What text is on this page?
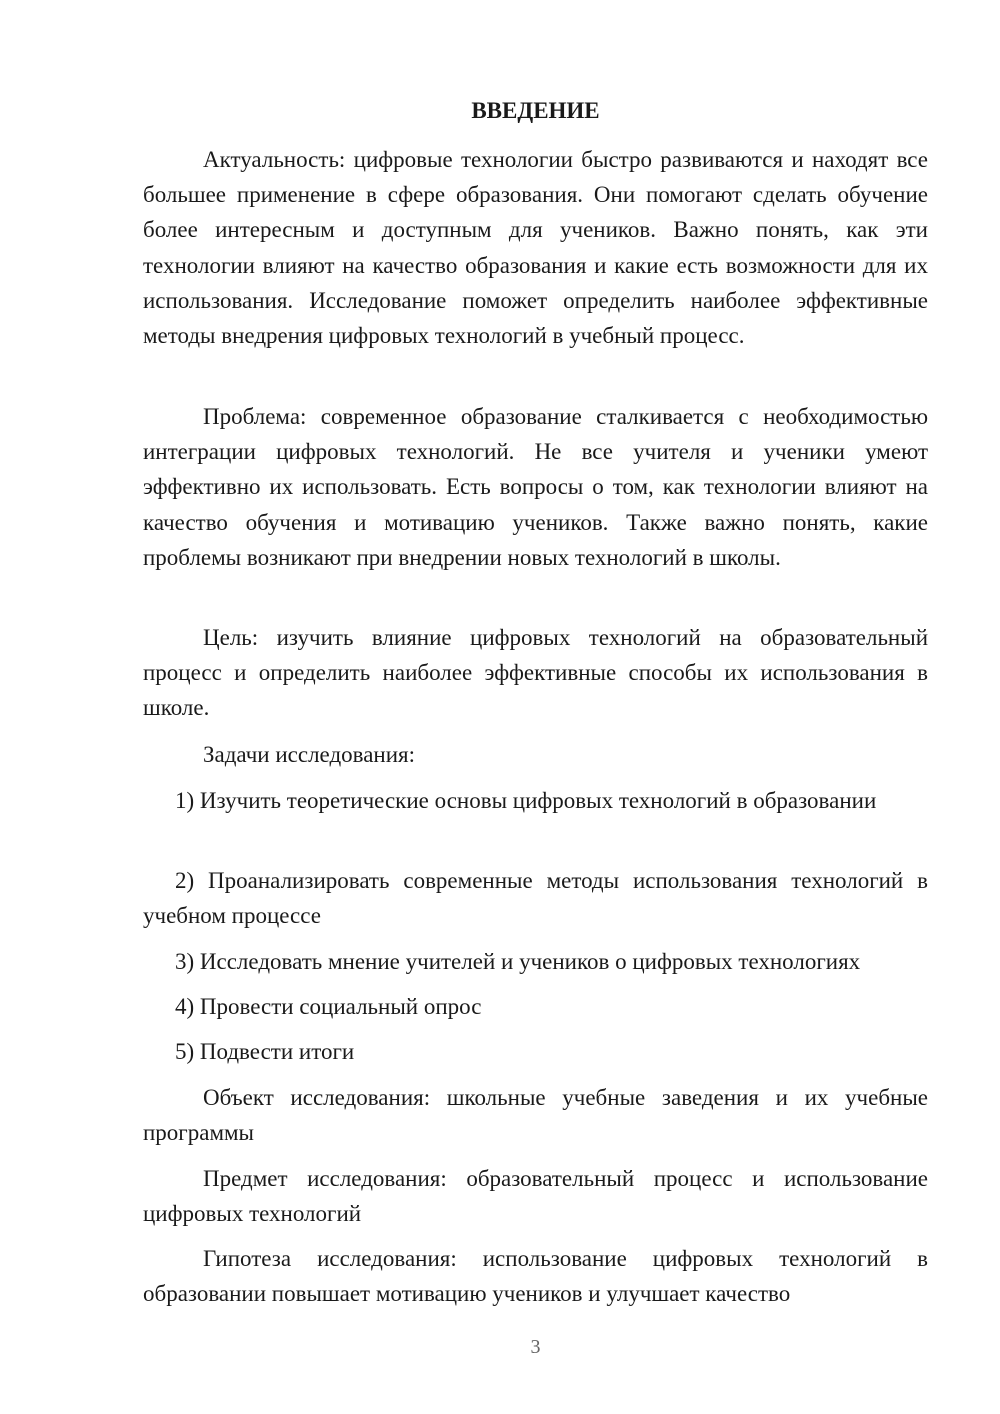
ВВЕДЕНИЕ

Актуальность: цифровые технологии быстро развиваются и находят все большее применение в сфере образования. Они помогают сделать обучение более интересным и доступным для учеников. Важно понять, как эти технологии влияют на качество образования и какие есть возможности для их использования. Исследование поможет определить наиболее эффективные методы внедрения цифровых технологий в учебный процесс.

Проблема: современное образование сталкивается с необходимостью интеграции цифровых технологий. Не все учителя и ученики умеют эффективно их использовать. Есть вопросы о том, как технологии влияют на качество обучения и мотивацию учеников. Также важно понять, какие проблемы возникают при внедрении новых технологий в школы.

Цель: изучить влияние цифровых технологий на образовательный процесс и определить наиболее эффективные способы их использования в школе.

Задачи исследования:

1) Изучить теоретические основы цифровых технологий в образовании

2) Проанализировать современные методы использования технологий в учебном процессе

3) Исследовать мнение учителей и учеников о цифровых технологиях

4) Провести социальный опрос

5) Подвести итоги

Объект исследования: школьные учебные заведения и их учебные программы

Предмет исследования: образовательный процесс и использование цифровых технологий

Гипотеза исследования: использование цифровых технологий в образовании повышает мотивацию учеников и улучшает качество

3
